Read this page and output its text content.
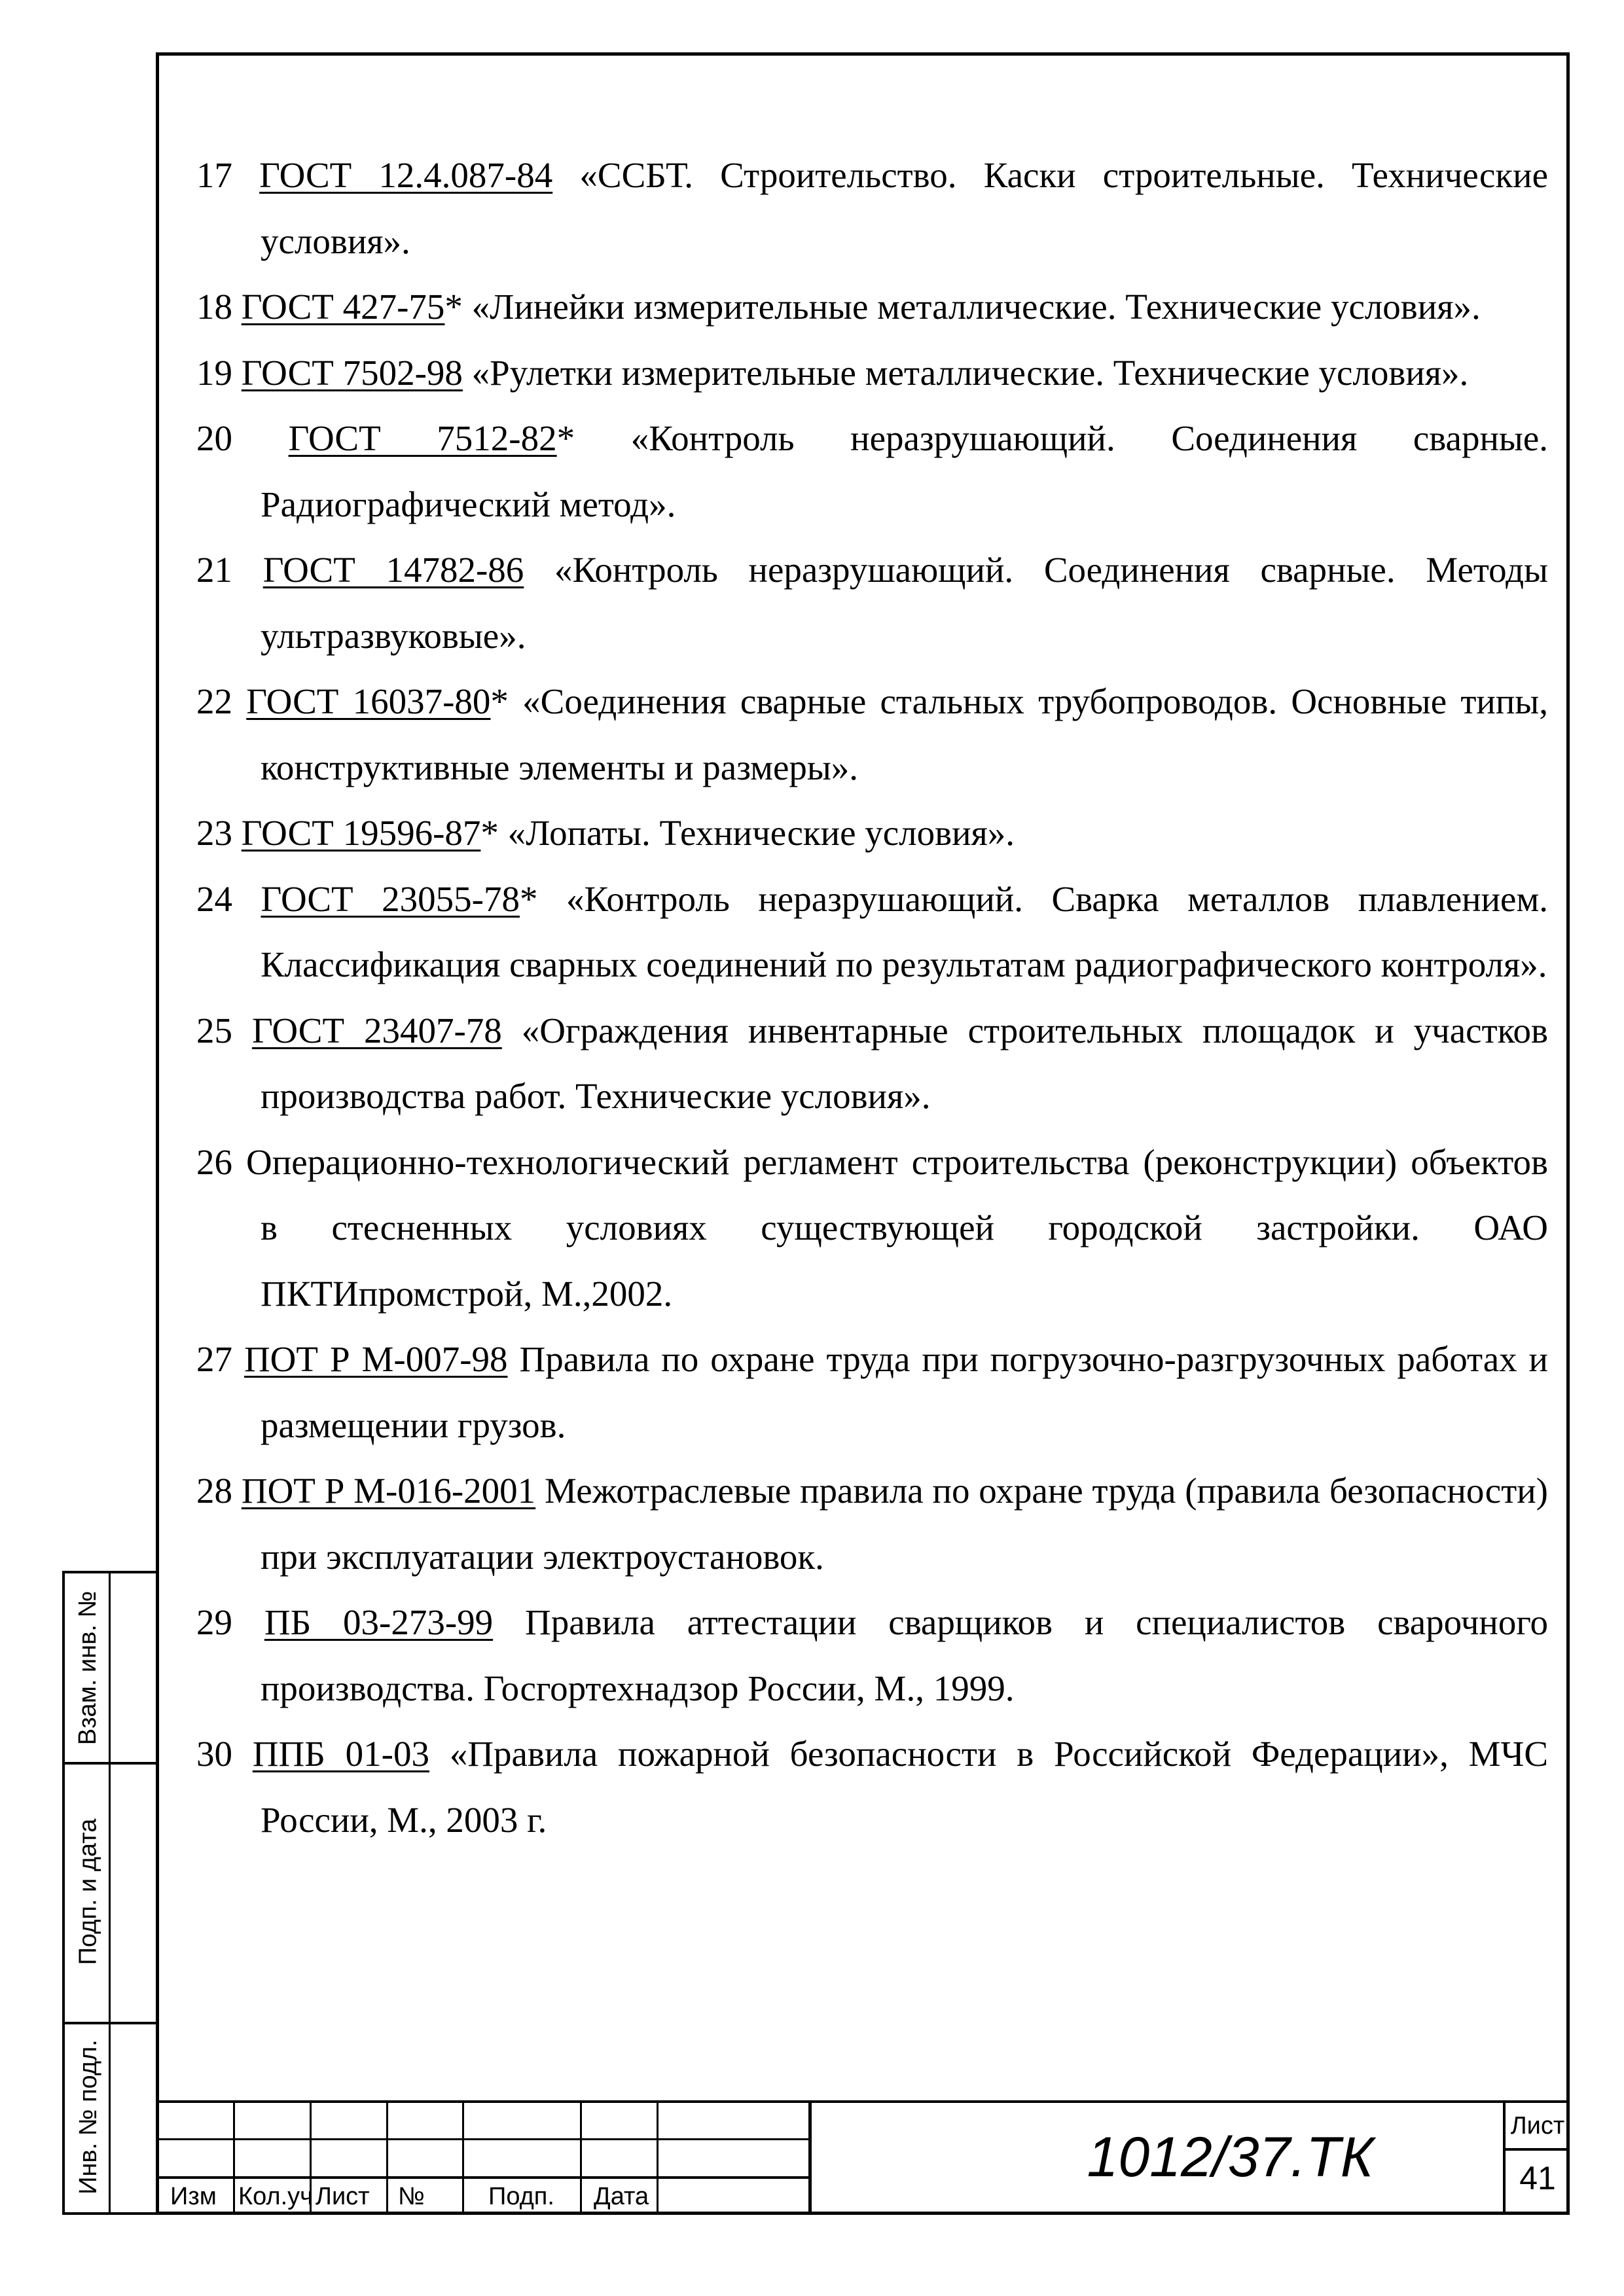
17 ГОСТ 12.4.087-84 «ССБТ. Строительство. Каски строительные. Технические условия».
18 ГОСТ 427-75* «Линейки измерительные металлические. Технические условия».
19 ГОСТ 7502-98 «Рулетки измерительные металлические. Технические условия».
20 ГОСТ 7512-82* «Контроль неразрушающий. Соединения сварные. Радиографический метод».
21 ГОСТ 14782-86 «Контроль неразрушающий. Соединения сварные. Методы ультразвуковые».
22 ГОСТ 16037-80* «Соединения сварные стальных трубопроводов. Основные типы, конструктивные элементы и размеры».
23 ГОСТ 19596-87* «Лопаты. Технические условия».
24 ГОСТ 23055-78* «Контроль неразрушающий. Сварка металлов плавлением. Классификация сварных соединений по результатам радиографического контроля».
25 ГОСТ 23407-78 «Ограждения инвентарные строительных площадок и участков производства работ. Технические условия».
26 Операционно-технологический регламент строительства (реконструкции) объектов в стесненных условиях существующей городской застройки. ОАО ПКТИпромстрой, М.,2002.
27 ПОТ Р М-007-98 Правила по охране труда при погрузочно-разгрузочных работах и размещении грузов.
28 ПОТ Р М-016-2001 Межотраслевые правила по охране труда (правила безопасности) при эксплуатации электроустановок.
29 ПБ 03-273-99 Правила аттестации сварщиков и специалистов сварочного производства. Госгортехнадзор России, М., 1999.
30 ППБ 01-03 «Правила пожарной безопасности в Российской Федерации», МЧС России, М., 2003 г.
Взам. инв. №
Подп. и дата
Инв. № подл.
Изм Кол.уч Лист №	Подп. Дата
1012/37.ТК	Лист
41
